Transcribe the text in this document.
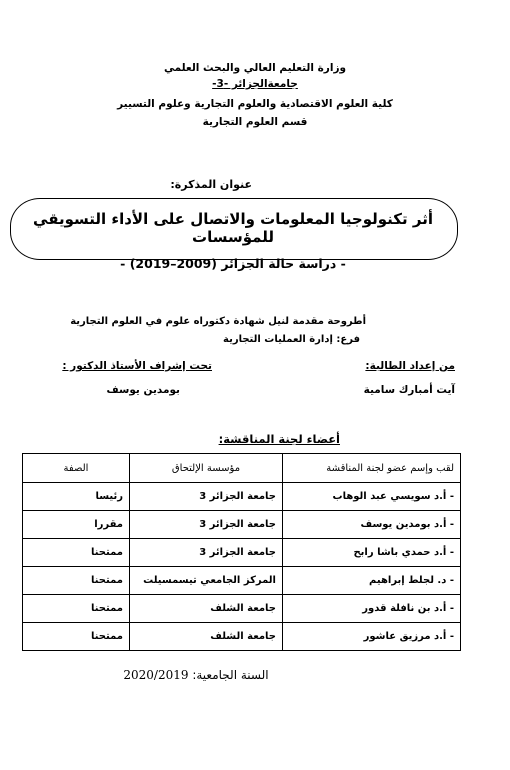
وزارة التعليم العالي والبحث العلمي
جامعةالجزائر -3-
كلية العلوم الاقتصادية والعلوم التجارية وعلوم التسيير
قسم العلوم التجارية
عنوان المذكرة:
أثر تكنولوجيا المعلومات والاتصال على الأداء التسويقي للمؤسسات
- دراسة حالة الجزائر (2009–2019) -
أطروحة مقدمة لنيل شهادة دكتوراه علوم في العلوم التجارية
فرع: إدارة العمليات التجارية
من إعداد الطالبة:
تحت إشراف الأستاذ الدكتور :
آيت أمبارك سامية
بومدين يوسف
أعضاء لجنة المناقشة:
لقب وإسم عضو لجنة المناقشة	مؤسسة الإلتحاق	الصفة
- أ.د سويسي عبد الوهاب	جامعة الجزائر 3	رئيسا
- أ.د بومدين يوسف	جامعة الجزائر 3	مقررا
- أ.د حمدي باشا رابح	جامعة الجزائر 3	ممتحنا
- د. لجلط إبراهيم	المركز الجامعي تيسمسيلت	ممتحنا
- أ.د بن نافلة قدور	جامعة الشلف	ممتحنا
- أ.د مرزيق عاشور	جامعة الشلف	ممتحنا
السنة الجامعية: 2020/2019
